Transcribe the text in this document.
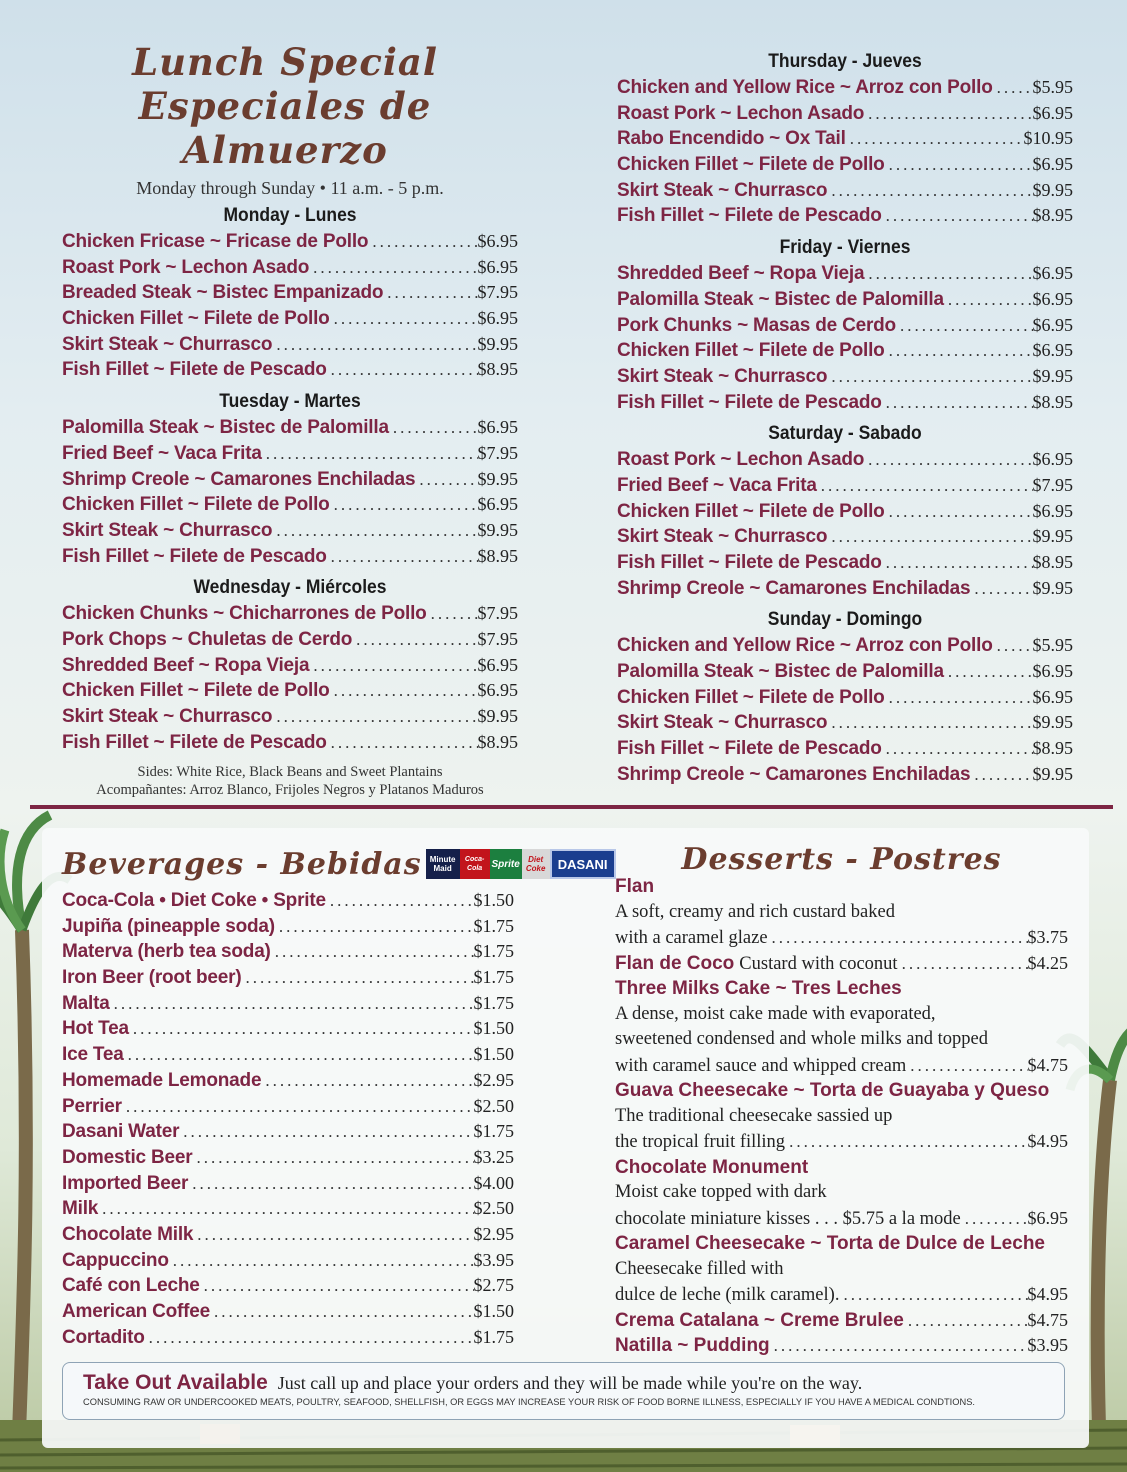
Lunch Special
Especiales de Almuerzo
Monday through Sunday • 11 a.m. - 5 p.m.
Monday - Lunes
Chicken Fricase ~ Fricase de Pollo .....	$6.95
Roast Pork ~ Lechon Asado .....	$6.95
Breaded Steak ~ Bistec Empanizado .....	$7.95
Chicken Fillet ~ Filete de Pollo .....	$6.95
Skirt Steak ~ Churrasco .....	$9.95
Fish Fillet ~ Filete de Pescado .....	$8.95
Tuesday - Martes
Palomilla Steak ~ Bistec de Palomilla .....	$6.95
Fried Beef ~ Vaca Frita .....	$7.95
Shrimp Creole ~ Camarones Enchiladas .....	$9.95
Chicken Fillet ~ Filete de Pollo .....	$6.95
Skirt Steak ~ Churrasco .....	$9.95
Fish Fillet ~ Filete de Pescado .....	$8.95
Wednesday - Miércoles
Chicken Chunks ~ Chicharrones de Pollo .....	$7.95
Pork Chops ~ Chuletas de Cerdo .....	$7.95
Shredded Beef ~ Ropa Vieja .....	$6.95
Chicken Fillet ~ Filete de Pollo .....	$6.95
Skirt Steak ~ Churrasco .....	$9.95
Fish Fillet ~ Filete de Pescado .....	$8.95
Sides: White Rice, Black Beans and Sweet Plantains
Acompañantes: Arroz Blanco, Frijoles Negros y Platanos Maduros
Thursday - Jueves
Chicken and Yellow Rice ~ Arroz con Pollo ..... $5.95
Roast Pork ~ Lechon Asado .....	$6.95
Rabo Encendido ~ Ox Tail .....	$10.95
Chicken Fillet ~ Filete de Pollo .....	$6.95
Skirt Steak ~ Churrasco .....	$9.95
Fish Fillet ~ Filete de Pescado .....	$8.95
Friday - Viernes
Shredded Beef ~ Ropa Vieja .....	$6.95
Palomilla Steak ~ Bistec de Palomilla .....	$6.95
Pork Chunks ~ Masas de Cerdo .....	$6.95
Chicken Fillet ~ Filete de Pollo .....	$6.95
Skirt Steak ~ Churrasco .....	$9.95
Fish Fillet ~ Filete de Pescado .....	$8.95
Saturday - Sabado
Roast Pork ~ Lechon Asado .....	$6.95
Fried Beef ~ Vaca Frita .....	$7.95
Chicken Fillet ~ Filete de Pollo .....	$6.95
Skirt Steak ~ Churrasco .....	$9.95
Fish Fillet ~ Filete de Pescado .....	$8.95
Shrimp Creole ~ Camarones Enchiladas .....	$9.95
Sunday - Domingo
Chicken and Yellow Rice ~ Arroz con Pollo ..... $5.95
Palomilla Steak ~ Bistec de Palomilla .....	$6.95
Chicken Fillet ~ Filete de Pollo .....	$6.95
Skirt Steak ~ Churrasco .....	$9.95
Fish Fillet ~ Filete de Pescado .....	$8.95
Shrimp Creole ~ Camarones Enchiladas .....	$9.95
Beverages - Bebidas	Minute Maid
Coca-Cola Sprite	Diet Coke DASANI
Coca-Cola • Diet Coke • Sprite .....	$1.50
Jupiña (pineapple soda) .....	$1.75
Materva (herb tea soda) .....	$1.75
Iron Beer (root beer) .....	$1.75
Malta .....	$1.75
Hot Tea .....	$1.50
Ice Tea .....	$1.50
Homemade Lemonade .....	$2.95
Perrier .....	$2.50
Dasani Water .....	$1.75
Domestic Beer .....	$3.25
Imported Beer .....	$4.00
Milk .....	$2.50
Chocolate Milk .....	$2.95
Cappuccino .....	$3.95
Café con Leche .....	$2.75
American Coffee .....	$1.50
Cortadito .....	$1.75
Desserts - Postres
Flan
A soft, creamy and rich custard baked
with a caramel glaze .....	$3.75
Flan de Coco Custard with coconut .....	$4.25
Three Milks Cake ~ Tres Leches
A dense, moist cake made with evaporated,
sweetened condensed and whole milks and topped
with caramel sauce and whipped cream .....	$4.75
Guava Cheesecake ~ Torta de Guayaba y Queso
The traditional cheesecake sassied up
the tropical fruit filling .....	$4.95
Chocolate Monument
Moist cake topped with dark
chocolate miniature kisses . . . $5.75 a la mode .....	$6.95
Caramel Cheesecake ~ Torta de Dulce de Leche
Cheesecake filled with
dulce de leche (milk caramel). .....	$4.95
Crema Catalana ~ Creme Brulee .....	$4.75
Natilla ~ Pudding .....	$3.95
Take Out Available Just call up and place your orders and they will be made while you're on the way.
CONSUMING RAW OR UNDERCOOKED MEATS, POULTRY, SEAFOOD, SHELLFISH, OR EGGS MAY INCREASE YOUR RISK OF FOOD BORNE ILLNESS, ESPECIALLY IF YOU HAVE A MEDICAL CONDTIONS.
